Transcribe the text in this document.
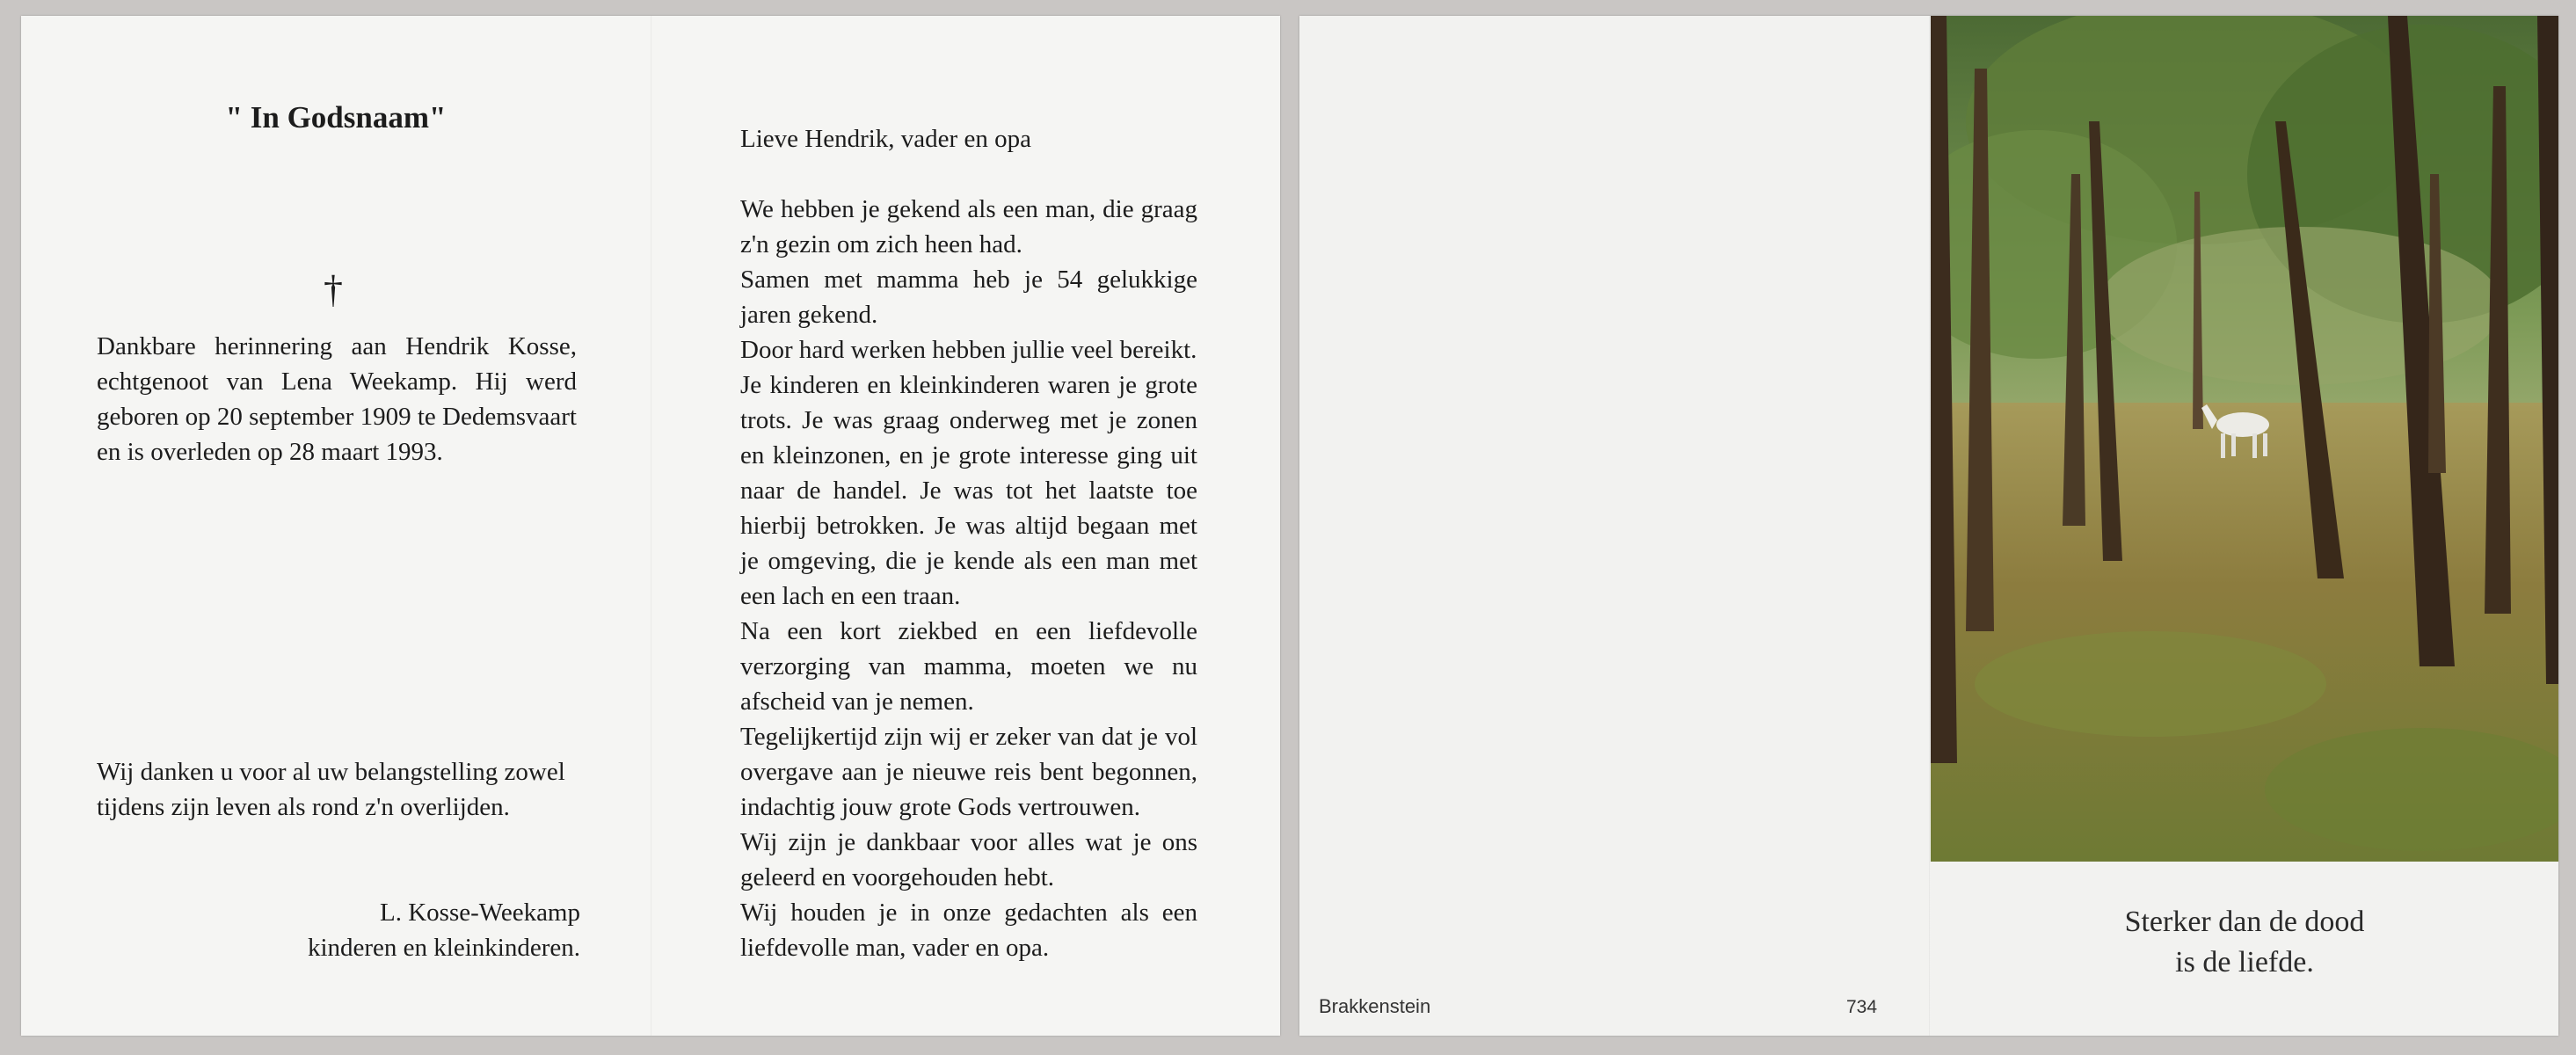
" In Godsnaam"
†
Dankbare herinnering aan Hendrik Kosse, echtgenoot van Lena Weekamp. Hij werd geboren op 20 september 1909 te Dedemsvaart en is overleden op 28 maart 1993.
Wij danken u voor al uw belangstelling zowel tijdens zijn leven als rond z'n overlijden.
L. Kosse-Weekamp
kinderen en kleinkinderen.
Lieve Hendrik, vader en opa

We hebben je gekend als een man, die graag z'n gezin om zich heen had.

Samen met mamma heb je 54 gelukkige jaren gekend.

Door hard werken hebben jullie veel bereikt.

Je kinderen en kleinkinderen waren je grote trots. Je was graag onderweg met je zonen en kleinzonen, en je grote interesse ging uit naar de handel. Je was tot het laatste toe hierbij betrokken. Je was altijd begaan met je omgeving, die je kende als een man met een lach en een traan.

Na een kort ziekbed en een liefdevolle verzorging van mamma, moeten we nu afscheid van je nemen.

Tegelijkertijd zijn wij er zeker van dat je vol overgave aan je nieuwe reis bent begonnen, indachtig jouw grote Gods vertrouwen.

Wij zijn je dankbaar voor alles wat je ons geleerd en voorgehouden hebt.

Wij houden je in onze gedachten als een liefdevolle man, vader en opa.

Brakkenstein	734
Sterker dan de dood
is de liefde.
